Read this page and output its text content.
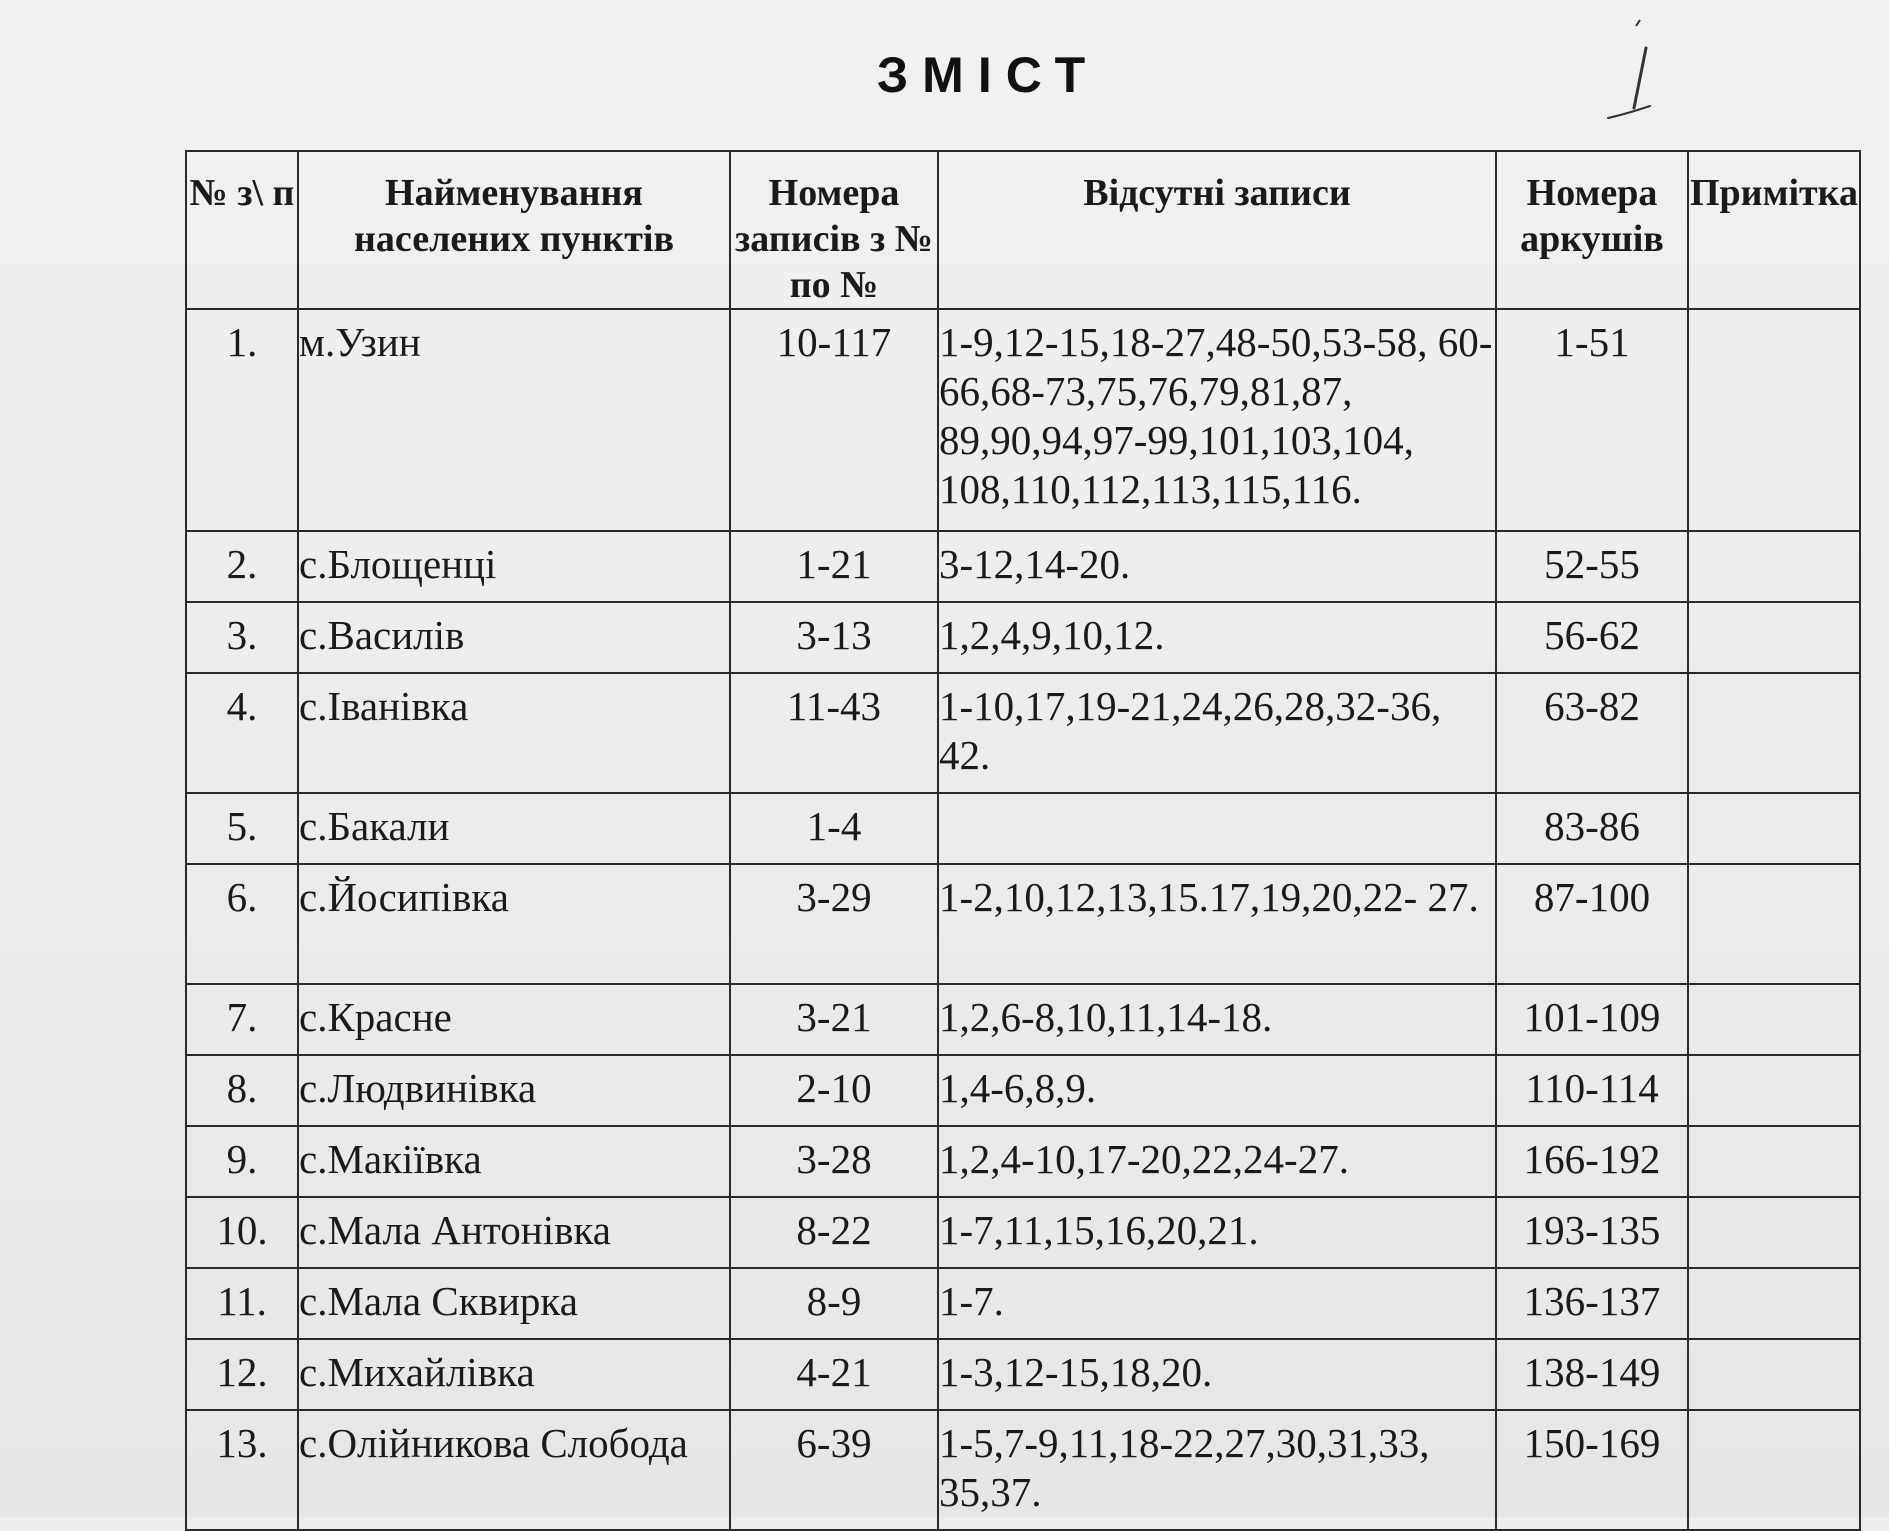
ЗМІСТ
№ з\ п	Найменування населених пунктів	Номера записів з № по №	Відсутні записи	Номера аркушів	Примітка
1.	м.Узин	10-117	1-9,12-15,18-27,48-50,53-58, 60-66,68-73,75,76,79,81,87, 89,90,94,97-99,101,103,104, 108,110,112,113,115,116.	1-51	
2.	с.Блощенці	1-21	3-12,14-20.	52-55	
3.	с.Василів	3-13	1,2,4,9,10,12.	56-62	
4.	с.Іванівка	11-43	1-10,17,19-21,24,26,28,32-36, 42.	63-82	
5.	с.Бакали	1-4		83-86	
6.	с.Йосипівка	3-29	1-2,10,12,13,15.17,19,20,22- 27.	87-100	
7.	с.Красне	3-21	1,2,6-8,10,11,14-18.	101-109	
8.	с.Людвинівка	2-10	1,4-6,8,9.	110-114	
9.	с.Макіївка	3-28	1,2,4-10,17-20,22,24-27.	166-192	
10.	с.Мала Антонівка	8-22	1-7,11,15,16,20,21.	193-135	
11.	с.Мала Сквирка	8-9	1-7.	136-137	
12.	с.Михайлівка	4-21	1-3,12-15,18,20.	138-149	
13.	с.Олійникова Слобода	6-39	1-5,7-9,11,18-22,27,30,31,33, 35,37.	150-169	
